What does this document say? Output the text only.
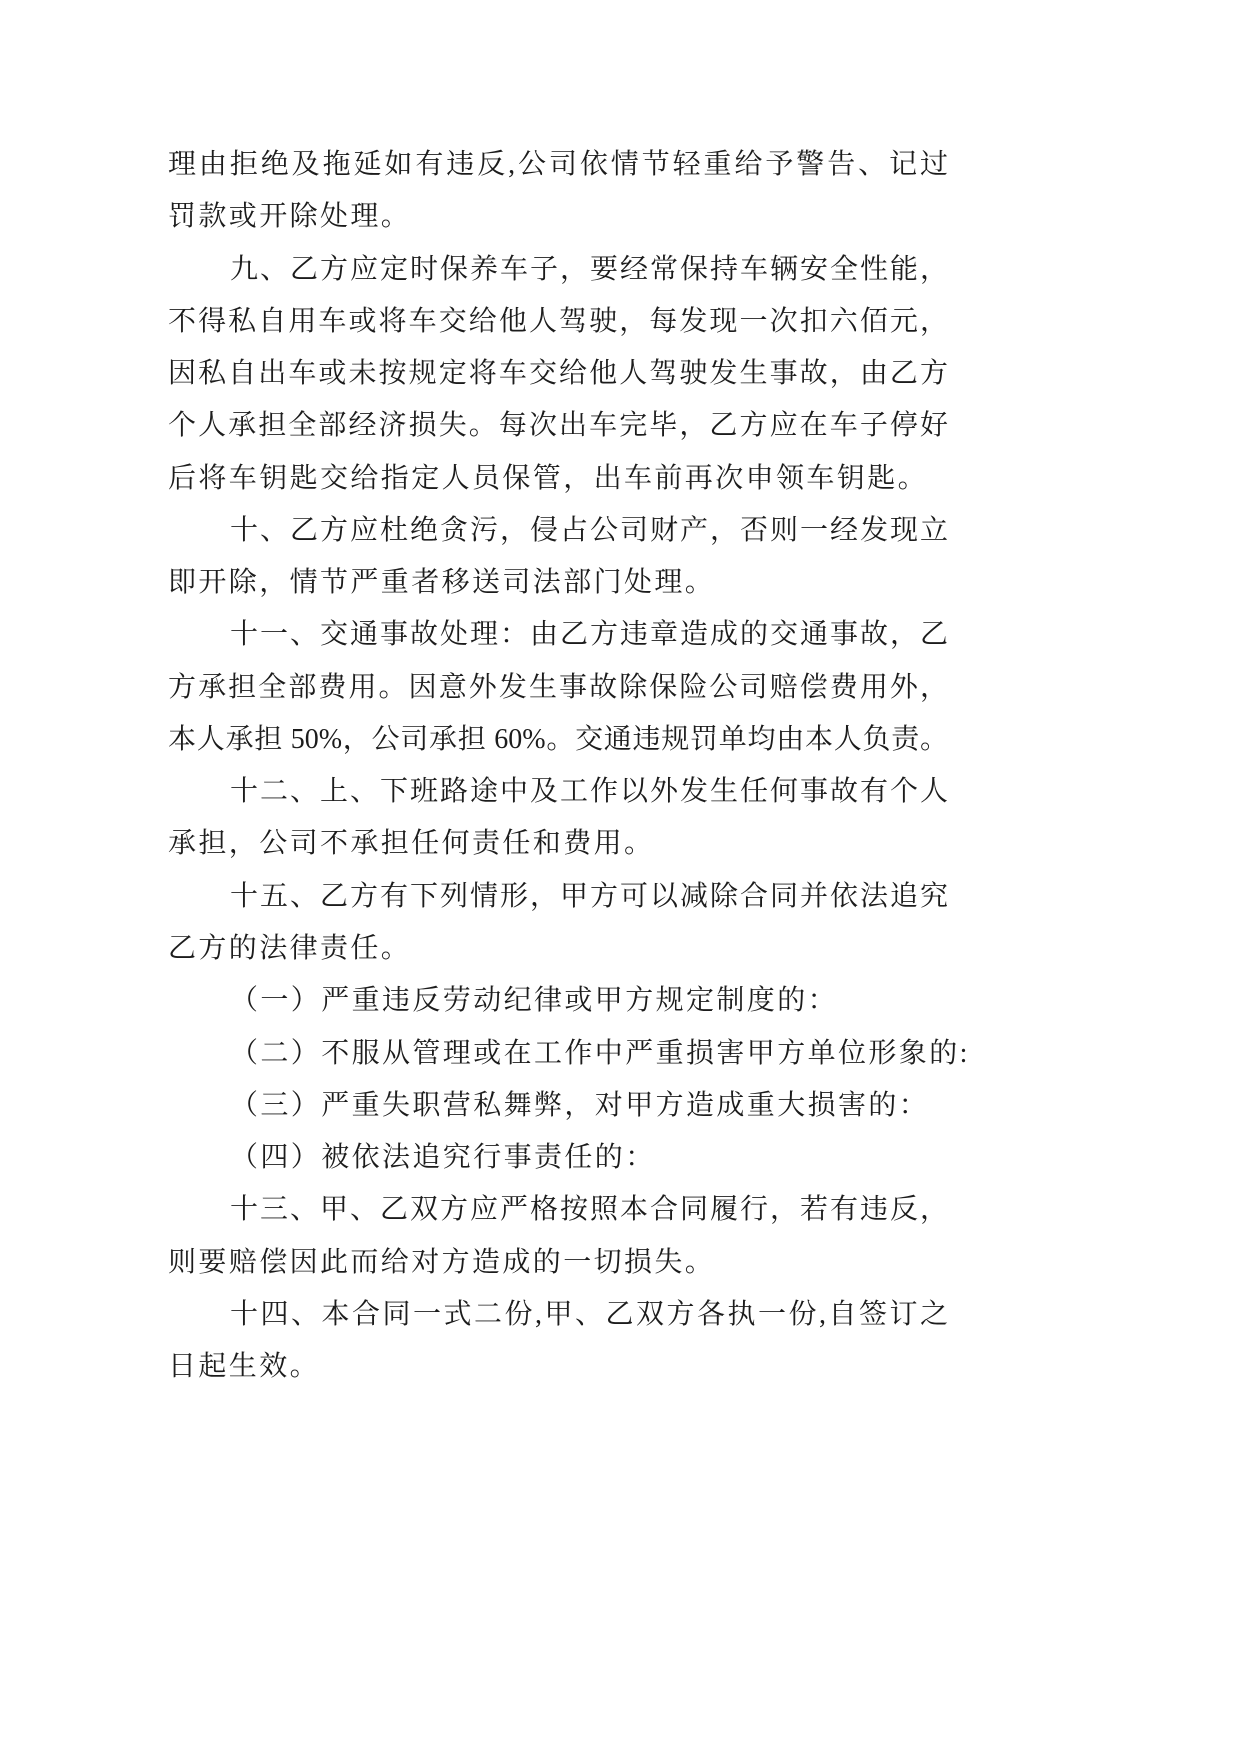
理由拒绝及拖延如有违反,公司依情节轻重给予警告、记过
罚款或开除处理。
九、乙方应定时保养车子，要经常保持车辆安全性能，
不得私自用车或将车交给他人驾驶，每发现一次扣六佰元，
因私自出车或未按规定将车交给他人驾驶发生事故，由乙方
个人承担全部经济损失。每次出车完毕，乙方应在车子停好
后将车钥匙交给指定人员保管，出车前再次申领车钥匙。
十、乙方应杜绝贪污，侵占公司财产，否则一经发现立
即开除，情节严重者移送司法部门处理。
十一、交通事故处理：由乙方违章造成的交通事故，乙
方承担全部费用。因意外发生事故除保险公司赔偿费用外，
本人承担 50%，公司承担 60%。交通违规罚单均由本人负责。
十二、上、下班路途中及工作以外发生任何事故有个人
承担，公司不承担任何责任和费用。
十五、乙方有下列情形，甲方可以减除合同并依法追究
乙方的法律责任。
（一）严重违反劳动纪律或甲方规定制度的：
（二）不服从管理或在工作中严重损害甲方单位形象的:
（三）严重失职营私舞弊，对甲方造成重大损害的：
（四）被依法追究行事责任的：
十三、甲、乙双方应严格按照本合同履行，若有违反，
则要赔偿因此而给对方造成的一切损失。
十四、本合同一式二份,甲、乙双方各执一份,自签订之
日起生效。
